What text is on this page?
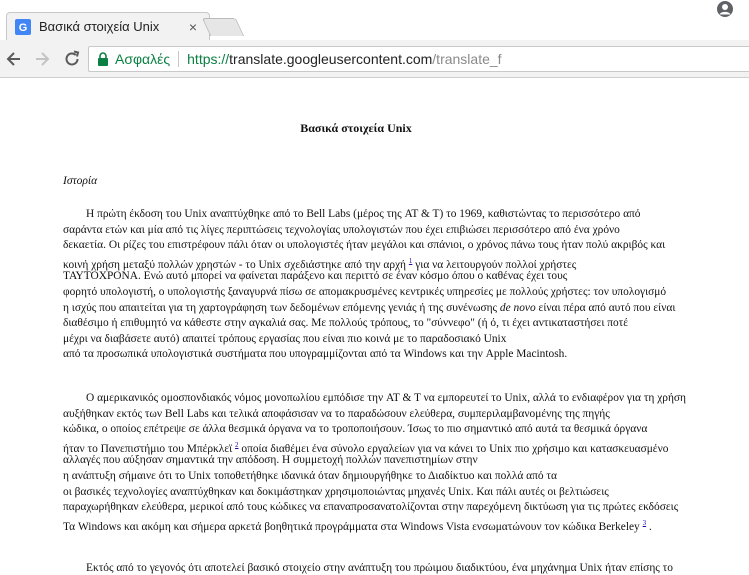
G Βασικά στοιχεία Unix	×
Ασφαλές https:// translate.googleusercontent.com /translate_f
Βασικά στοιχεία Unix
Ιστορία
Η πρώτη έκδοση του Unix αναπτύχθηκε από το Bell Labs (μέρος της AT & T) το 1969, καθιστώντας το περισσότερο από
σαράντα ετών και μία από τις λίγες περιπτώσεις τεχνολογίας υπολογιστών που έχει επιβιώσει περισσότερο από ένα χρόνο
δεκαετία. Οι ρίζες του επιστρέφουν πάλι όταν οι υπολογιστές ήταν μεγάλοι και σπάνιοι, ο χρόνος πάνω τους ήταν πολύ ακριβός και
κοινή χρήση μεταξύ πολλών χρηστών - το Unix σχεδιάστηκε από την αρχή $^1$ για να λειτουργούν πολλοί χρήστες
ΤΑΥΤΟΧΡΟΝΑ. Ενώ αυτό μπορεί να φαίνεται παράξενο και περιττό σε έναν κόσμο όπου ο καθένας έχει τους
φορητό υπολογιστή, ο υπολογιστής ξαναγυρνά πίσω σε απομακρυσμένες κεντρικές υπηρεσίες με πολλούς χρήστες: τον υπολογισμό
η ισχύς που απαιτείται για τη χαρτογράφηση των δεδομένων επόμενης γενιάς ή της συνένωσης de novo είναι πέρα από αυτό που είναι
διαθέσιμο ή επιθυμητό να κάθεστε στην αγκαλιά σας. Με πολλούς τρόπους, το "σύννεφο" (ή ό, τι έχει αντικαταστήσει ποτέ
μέχρι να διαβάσετε αυτό) απαιτεί τρόπους εργασίας που είναι πιο κοινά με το παραδοσιακό Unix
από τα προσωπικά υπολογιστικά συστήματα που υπογραμμίζονται από τα Windows και την Apple Macintosh.
Ο αμερικανικός ομοσπονδιακός νόμος μονοπωλίου εμπόδισε την AT & T να εμπορευτεί το Unix, αλλά το ενδιαφέρον για τη χρήση
αυξήθηκαν εκτός των Bell Labs και τελικά αποφάσισαν να το παραδώσουν ελεύθερα, συμπεριλαμβανομένης της πηγής
κώδικα, ο οποίος επέτρεψε σε άλλα θεσμικά όργανα να το τροποποιήσουν. Ίσως το πιο σημαντικό από αυτά τα θεσμικά όργανα
ήταν το Πανεπιστήμιο του Μπέρκλεϊ $^2$ οποία διαθέμει ένα σύνολο εργαλείων για να κάνει το Unix πιο χρήσιμο και κατασκευασμένο
αλλαγές που αύξησαν σημαντικά την απόδοση. Η συμμετοχή πολλών πανεπιστημίων στην
η ανάπτυξη σήμαινε ότι το Unix τοποθετήθηκε ιδανικά όταν δημιουργήθηκε το Διαδίκτυο και πολλά από τα
οι βασικές τεχνολογίες αναπτύχθηκαν και δοκιμάστηκαν χρησιμοποιώντας μηχανές Unix. Και πάλι αυτές οι βελτιώσεις
παραχωρήθηκαν ελεύθερα, μερικοί από τους κώδικες να επαναπροσανατολίζονται στην παρεχόμενη δικτύωση για τις πρώτες εκδόσεις
Τα Windows και ακόμη και σήμερα αρκετά βοηθητικά προγράμματα στα Windows Vista ενσωματώνουν τον κώδικα Berkeley $^3$ .
Εκτός από το γεγονός ότι αποτελεί βασικό στοιχείο στην ανάπτυξη του πρώιμου διαδικτύου, ένα μηχάνημα Unix ήταν επίσης το
